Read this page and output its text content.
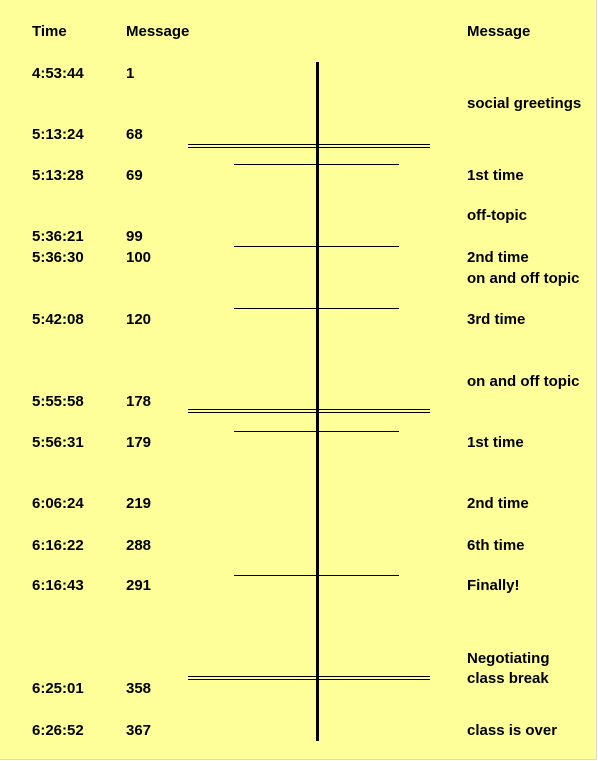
Time	Message	Message
4:53:44
5:13:24
5:13:28
5:36:21
5:36:30
5:42:08
5:55:58
5:56:31
6:06:24
6:16:22
6:16:43
6:25:01
6:26:52
1
68
69
99
100
120
178
179
219
288
291
358
367
social greetings
1st time
off-topic
2nd time
on and off topic
3rd time
on and off topic
1st time
2nd time
6th time
Finally!
Negotiating
class break
class is over
